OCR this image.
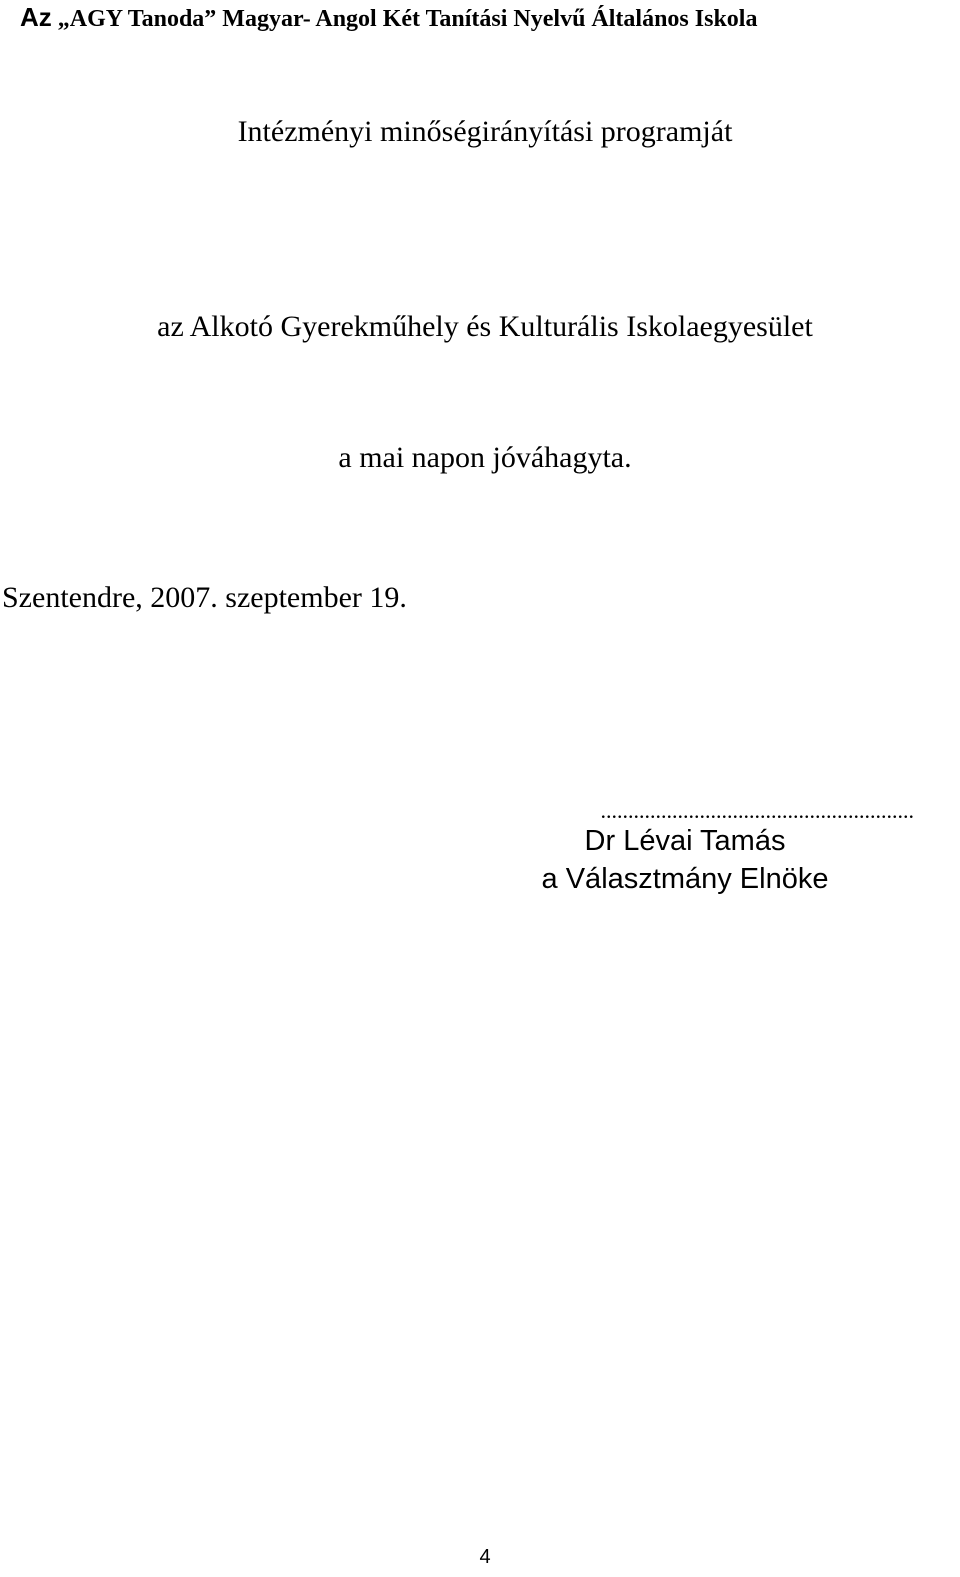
Az „AGY Tanoda” Magyar- Angol Két Tanítási Nyelvű Általános Iskola
Intézményi minőségirányítási programját
az Alkotó Gyerekműhely és Kulturális Iskolaegyesület
a mai napon jóváhagyta.
Szentendre, 2007. szeptember 19.
.........................................................
Dr Lévai Tamás
a Választmány Elnöke
4
